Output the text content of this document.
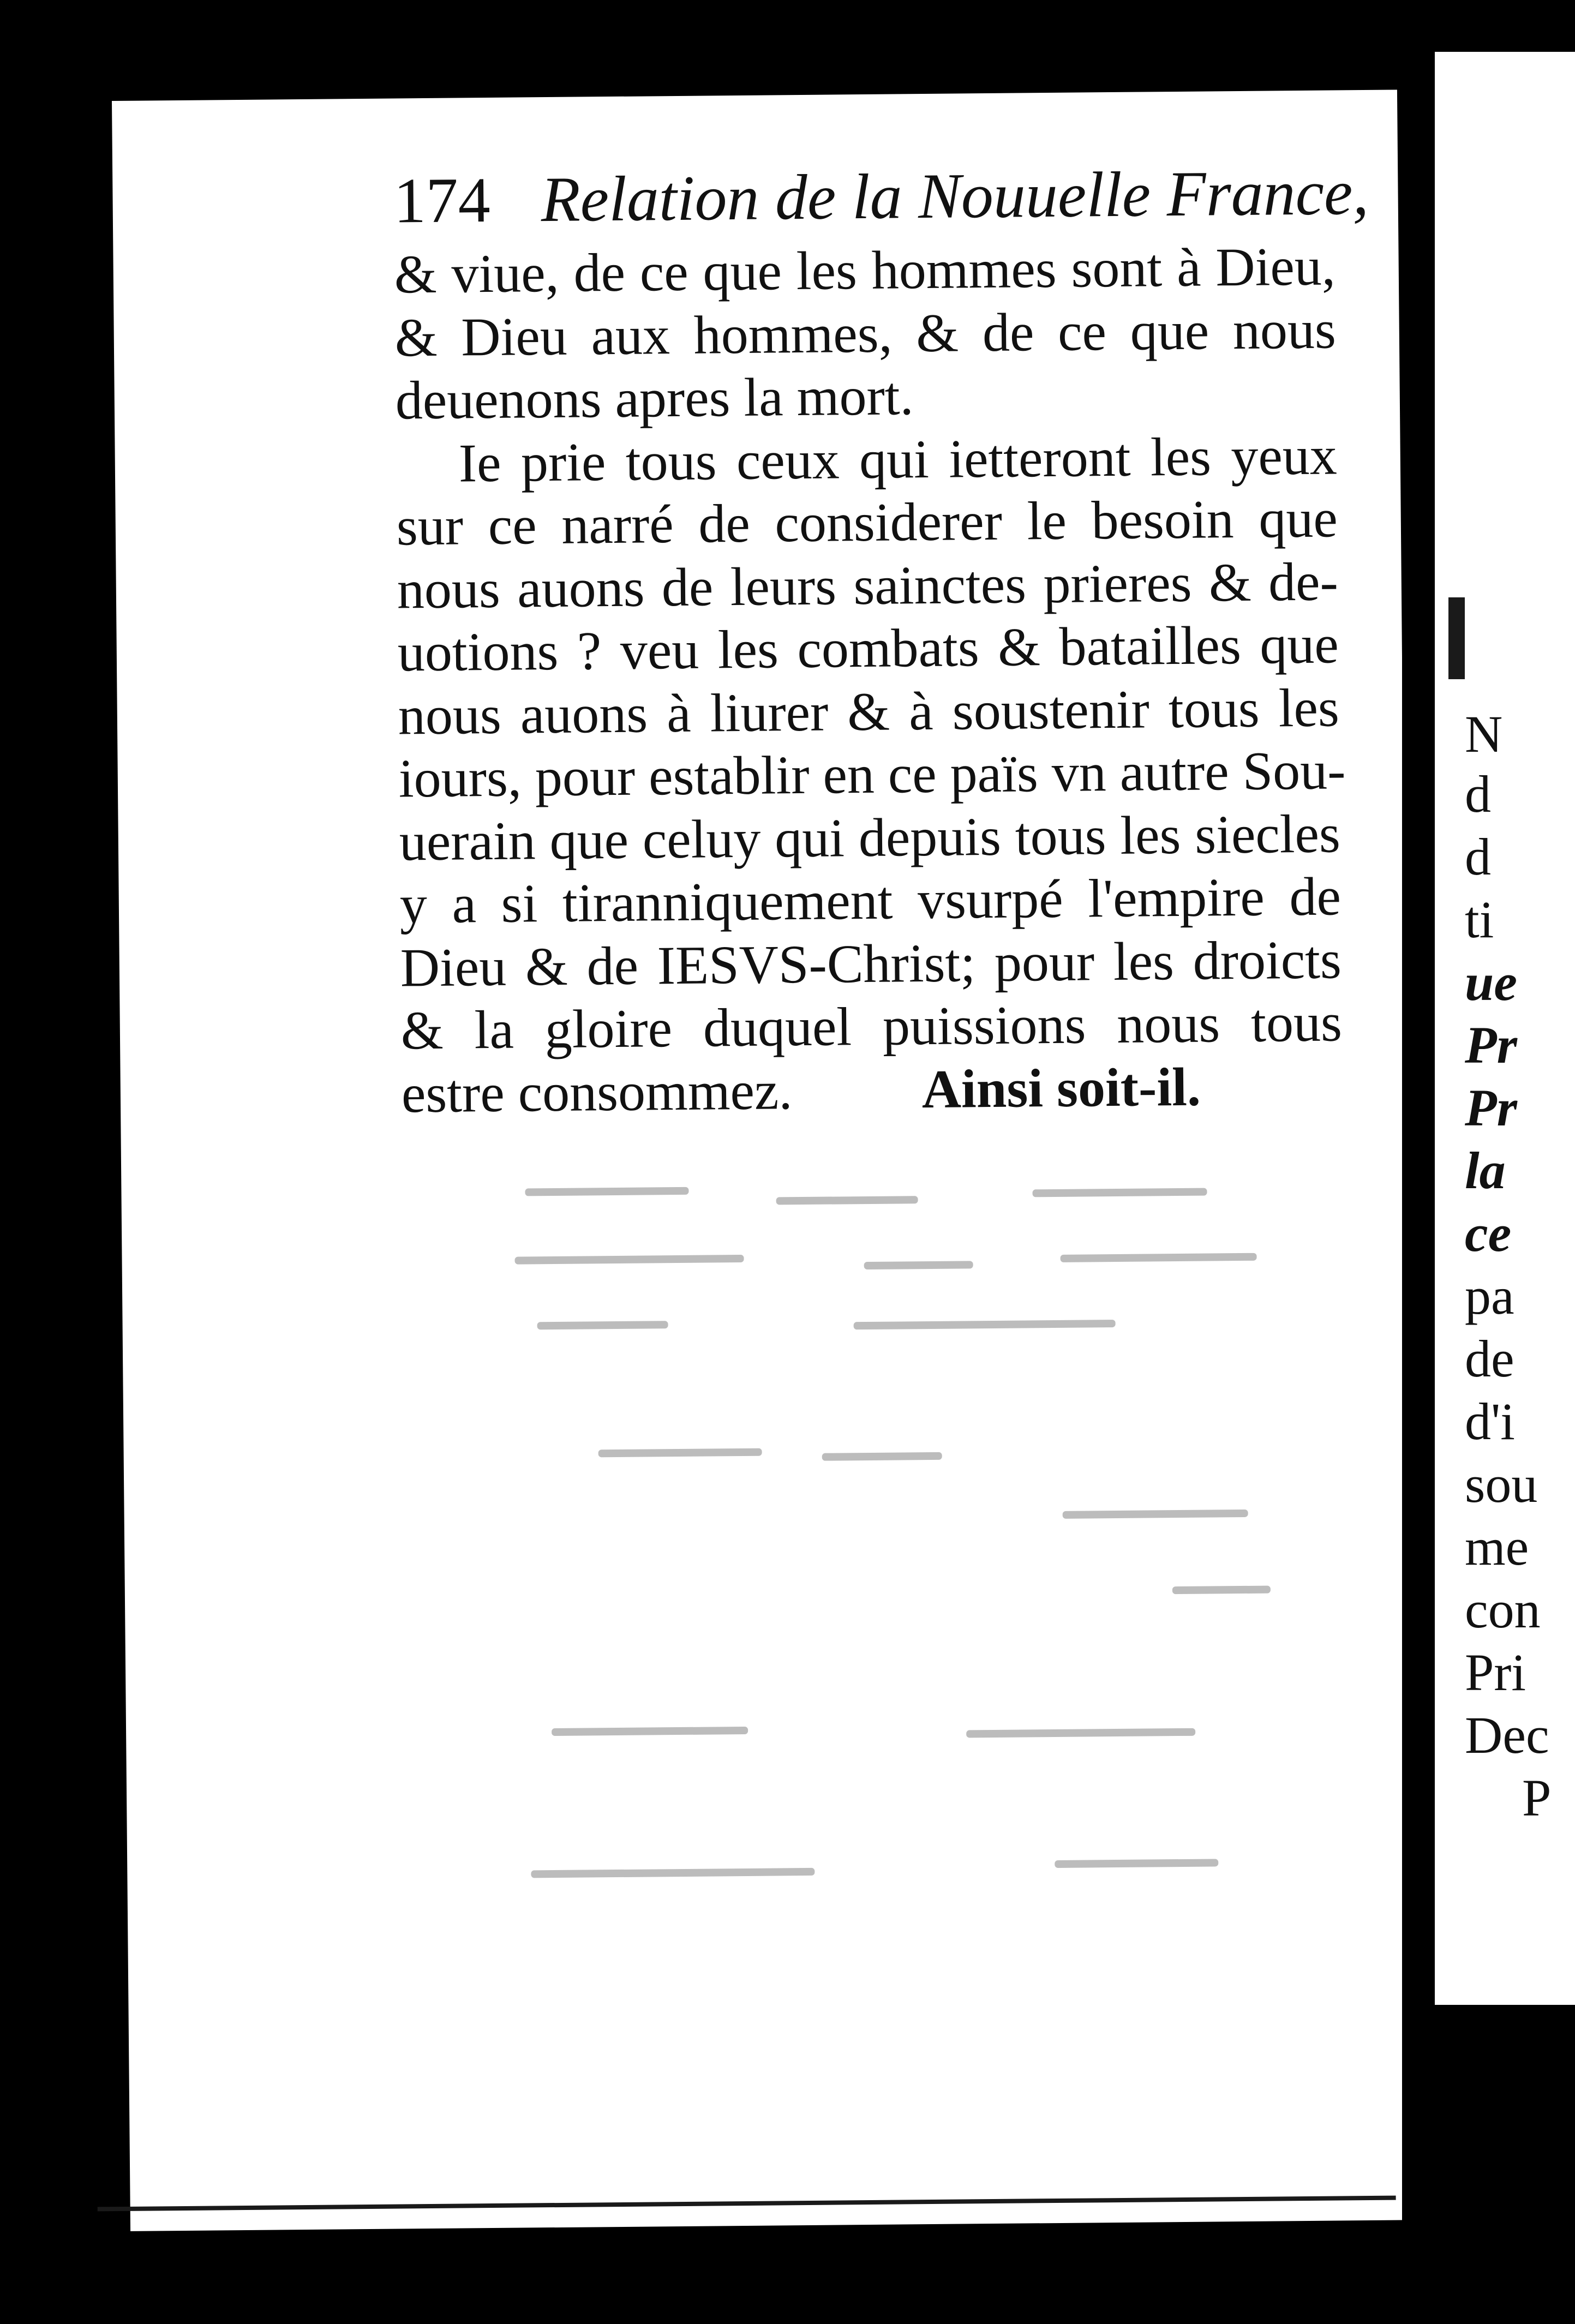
174 Relation de la Nouuelle France,
& viue, de ce que les hommes sont à Dieu,
& Dieu aux hommes, & de ce que nous
deuenons apres la mort.
Ie prie tous ceux qui ietteront les yeux
sur ce narré de considerer le besoin que
nous auons de leurs sainctes prieres & de-
uotions ? veu les combats & batailles que
nous auons à liurer & à soustenir tous les
iours, pour establir en ce païs vn autre Sou-
uerain que celuy qui depuis tous les siecles
y a si tiranniquement vsurpé l'empire de
Dieu & de IESVS-Christ; pour les droicts
& la gloire duquel puissions nous tous
estre consommez. Ainsi soit-il.
N
d
d
ti
ue
Pr
Pr
la
ce
pa
de
d'i
sou
me
con
Pri
Dec
P
